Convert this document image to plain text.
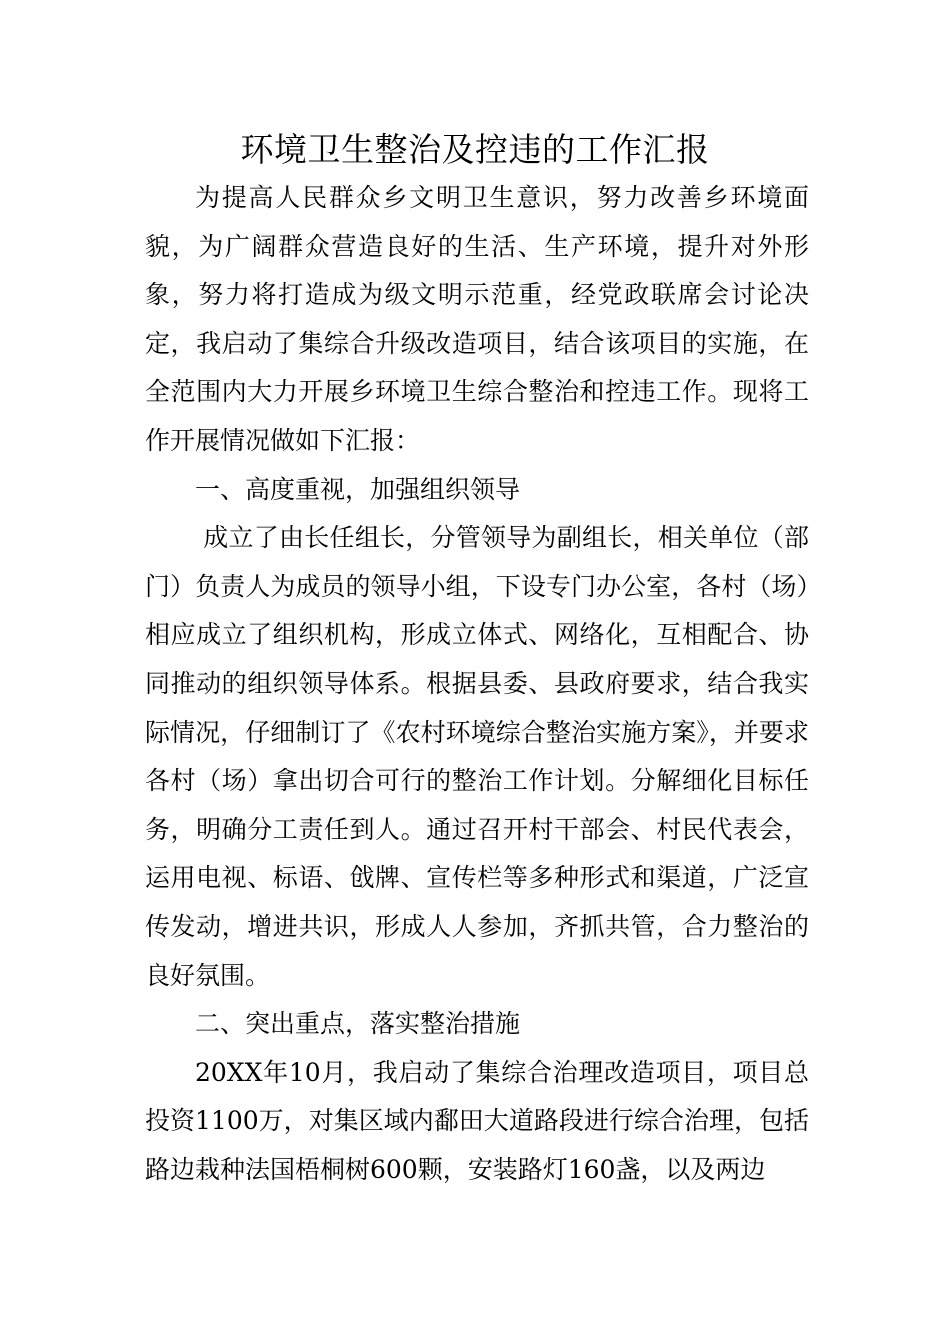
环境卫生整治及控违的工作汇报

为提高人民群众乡文明卫生意识，努力改善乡环境面貌，为广阔群众营造良好的生活、生产环境，提升对外形象，努力将打造成为级文明示范重，经党政联席会讨论决定，我启动了集综合升级改造项目，结合该项目的实施，在全范围内大力开展乡环境卫生综合整治和控违工作。现将工作开展情况做如下汇报：

一、高度重视，加强组织领导

成立了由长任组长，分管领导为副组长，相关单位（部门）负责人为成员的领导小组，下设专门办公室，各村（场）相应成立了组织机构，形成立体式、网络化，互相配合、协同推动的组织领导体系。根据县委、县政府要求，结合我实际情况，仔细制订了《农村环境综合整治实施方案》，并要求各村（场）拿出切合可行的整治工作计划。分解细化目标任务，明确分工责任到人。通过召开村干部会、村民代表会，运用电视、标语、戗牌、宣传栏等多种形式和渠道，广泛宣传发动，增进共识，形成人人参加，齐抓共管，合力整治的良好氛围。

二、突出重点，落实整治措施

20XX年10月，我启动了集综合治理改造项目，项目总投资1100万，对集区域内鄱田大道路段进行综合治理，包括路边栽种法国梧桐树600颗，安装路灯160盏，以及两边
